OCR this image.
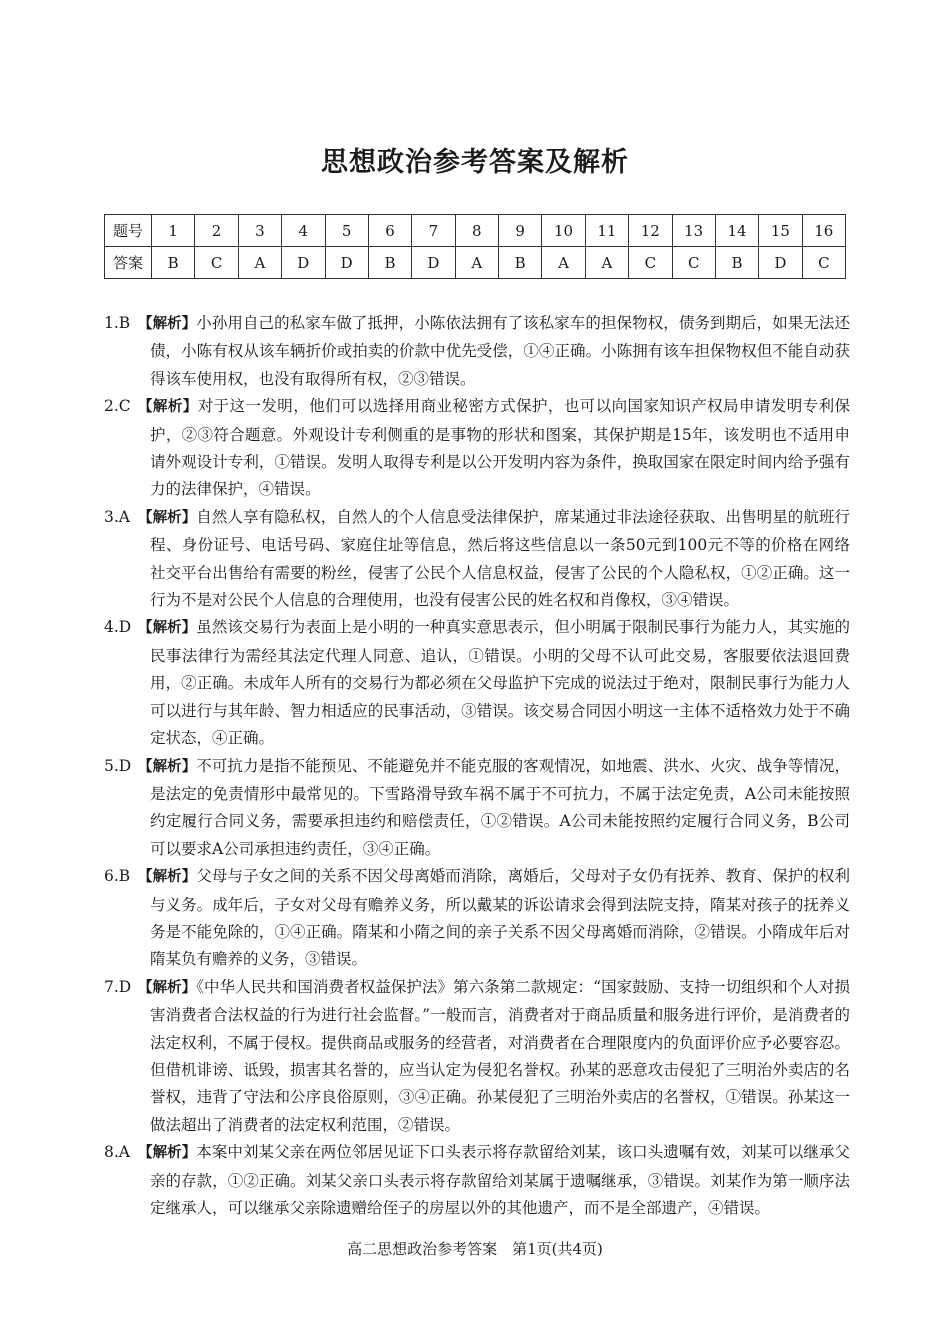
思想政治参考答案及解析
题号	1	2	3	4	5	6	7	8	9	10	11	12	13	14	15	16
答案	B	C	A	D	D	B	D	A	B	A	A	C	C	B	D	C
1.B 【解析】小孙用自己的私家车做了抵押，小陈依法拥有了该私家车的担保物权，债务到期后，如果无法还债，小陈有权从该车辆折价或拍卖的价款中优先受偿，①④正确。小陈拥有该车担保物权但不能自动获得该车使用权，也没有取得所有权，②③错误。
2.C 【解析】对于这一发明，他们可以选择用商业秘密方式保护，也可以向国家知识产权局申请发明专利保护，②③符合题意。外观设计专利侧重的是事物的形状和图案，其保护期是15年，该发明也不适用申请外观设计专利，①错误。发明人取得专利是以公开发明内容为条件，换取国家在限定时间内给予强有力的法律保护，④错误。
3.A 【解析】自然人享有隐私权，自然人的个人信息受法律保护，席某通过非法途径获取、出售明星的航班行程、身份证号、电话号码、家庭住址等信息，然后将这些信息以一条50元到100元不等的价格在网络社交平台出售给有需要的粉丝，侵害了公民个人信息权益，侵害了公民的个人隐私权，①②正确。这一行为不是对公民个人信息的合理使用，也没有侵害公民的姓名权和肖像权，③④错误。
4.D 【解析】虽然该交易行为表面上是小明的一种真实意思表示，但小明属于限制民事行为能力人，其实施的民事法律行为需经其法定代理人同意、追认，①错误。小明的父母不认可此交易，客服要依法退回费用，②正确。未成年人所有的交易行为都必须在父母监护下完成的说法过于绝对，限制民事行为能力人可以进行与其年龄、智力相适应的民事活动，③错误。该交易合同因小明这一主体不适格效力处于不确定状态，④正确。
5.D 【解析】不可抗力是指不能预见、不能避免并不能克服的客观情况，如地震、洪水、火灾、战争等情况，是法定的免责情形中最常见的。下雪路滑导致车祸不属于不可抗力，不属于法定免责，A公司未能按照约定履行合同义务，需要承担违约和赔偿责任，①②错误。A公司未能按照约定履行合同义务，B公司可以要求A公司承担违约责任，③④正确。
6.B 【解析】父母与子女之间的关系不因父母离婚而消除，离婚后，父母对子女仍有抚养、教育、保护的权利与义务。成年后，子女对父母有赡养义务，所以戴某的诉讼请求会得到法院支持，隋某对孩子的抚养义务是不能免除的，①④正确。隋某和小隋之间的亲子关系不因父母离婚而消除，②错误。小隋成年后对隋某负有赡养的义务，③错误。
7.D 【解析】《中华人民共和国消费者权益保护法》第六条第二款规定：“国家鼓励、支持一切组织和个人对损害消费者合法权益的行为进行社会监督。”一般而言，消费者对于商品质量和服务进行评价，是消费者的法定权利，不属于侵权。提供商品或服务的经营者，对消费者在合理限度内的负面评价应予必要容忍。但借机诽谤、诋毁，损害其名誉的，应当认定为侵犯名誉权。孙某的恶意攻击侵犯了三明治外卖店的名誉权，违背了守法和公序良俗原则，③④正确。孙某侵犯了三明治外卖店的名誉权，①错误。孙某这一做法超出了消费者的法定权利范围，②错误。
8.A 【解析】本案中刘某父亲在两位邻居见证下口头表示将存款留给刘某，该口头遗嘱有效，刘某可以继承父亲的存款，①②正确。刘某父亲口头表示将存款留给刘某属于遗嘱继承，③错误。刘某作为第一顺序法定继承人，可以继承父亲除遗赠给侄子的房屋以外的其他遗产，而不是全部遗产，④错误。
高二思想政治参考答案　第1页(共4页)
